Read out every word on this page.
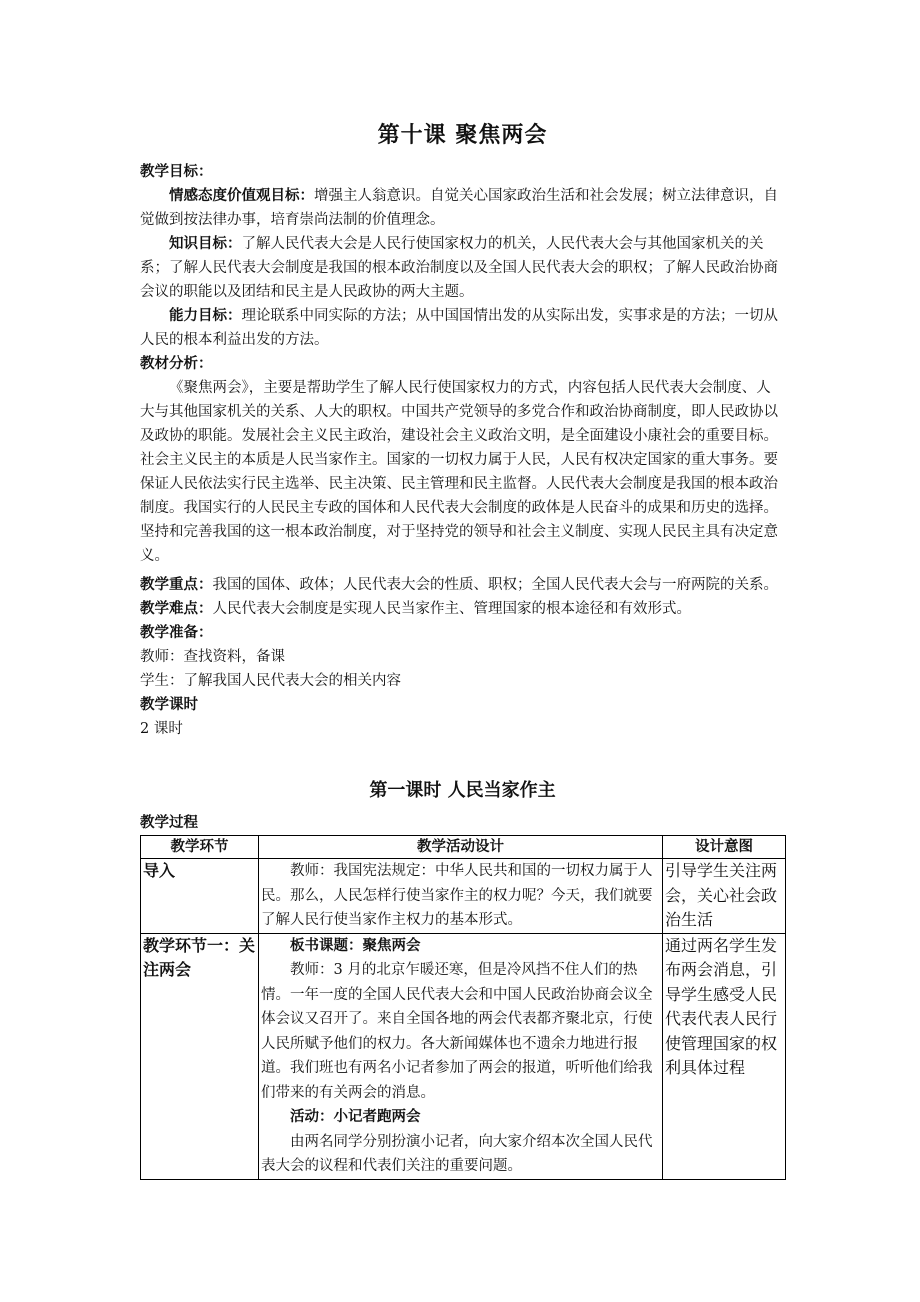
第十课 聚焦两会

教学目标：

情感态度价值观目标：增强主人翁意识。自觉关心国家政治生活和社会发展；树立法律意识，自觉做到按法律办事，培育崇尚法制的价值理念。

知识目标：了解人民代表大会是人民行使国家权力的机关，人民代表大会与其他国家机关的关系；了解人民代表大会制度是我国的根本政治制度以及全国人民代表大会的职权；了解人民政治协商会议的职能以及团结和民主是人民政协的两大主题。

能力目标：理论联系中同实际的方法；从中国国情出发的从实际出发，实事求是的方法；一切从人民的根本利益出发的方法。

教材分析：

《聚焦两会》，主要是帮助学生了解人民行使国家权力的方式，内容包括人民代表大会制度、人大与其他国家机关的关系、人大的职权。中国共产党领导的多党合作和政治协商制度，即人民政协以及政协的职能。发展社会主义民主政治，建设社会主义政治文明，是全面建设小康社会的重要目标。社会主义民主的本质是人民当家作主。国家的一切权力属于人民，人民有权决定国家的重大事务。要保证人民依法实行民主选举、民主决策、民主管理和民主监督。人民代表大会制度是我国的根本政治制度。我国实行的人民民主专政的国体和人民代表大会制度的政体是人民奋斗的成果和历史的选择。坚持和完善我国的这一根本政治制度，对于坚持党的领导和社会主义制度、实现人民民主具有决定意义。

教学重点：我国的国体、政体；人民代表大会的性质、职权；全国人民代表大会与一府两院的关系。

教学难点：人民代表大会制度是实现人民当家作主、管理国家的根本途径和有效形式。

教学准备：

教师：查找资料，备课

学生：了解我国人民代表大会的相关内容

教学课时

2 课时

第一课时 人民当家作主
教学过程
教学环节	教学活动设计	设计意图
导入	教师：我国宪法规定：中华人民共和国的一切权力属于人民。那么，人民怎样行使当家作主的权力呢？今天，我们就要了解人民行使当家作主权力的基本形式。	引导学生关注两会，关心社会政治生活
教学环节一：关注两会	板书课题：聚焦两会

教师：3 月的北京乍暖还寒，但是冷风挡不住人们的热情。一年一度的全国人民代表大会和中国人民政治协商会议全体会议又召开了。来自全国各地的两会代表都齐聚北京，行使人民所赋予他们的权力。各大新闻媒体也不遗余力地进行报道。我们班也有两名小记者参加了两会的报道，听听他们给我们带来的有关两会的消息。

活动：小记者跑两会

由两名同学分别扮演小记者，向大家介绍本次全国人民代表大会的议程和代表们关注的重要问题。	通过两名学生发布两会消息，引导学生感受人民代表代表人民行使管理国家的权利具体过程
